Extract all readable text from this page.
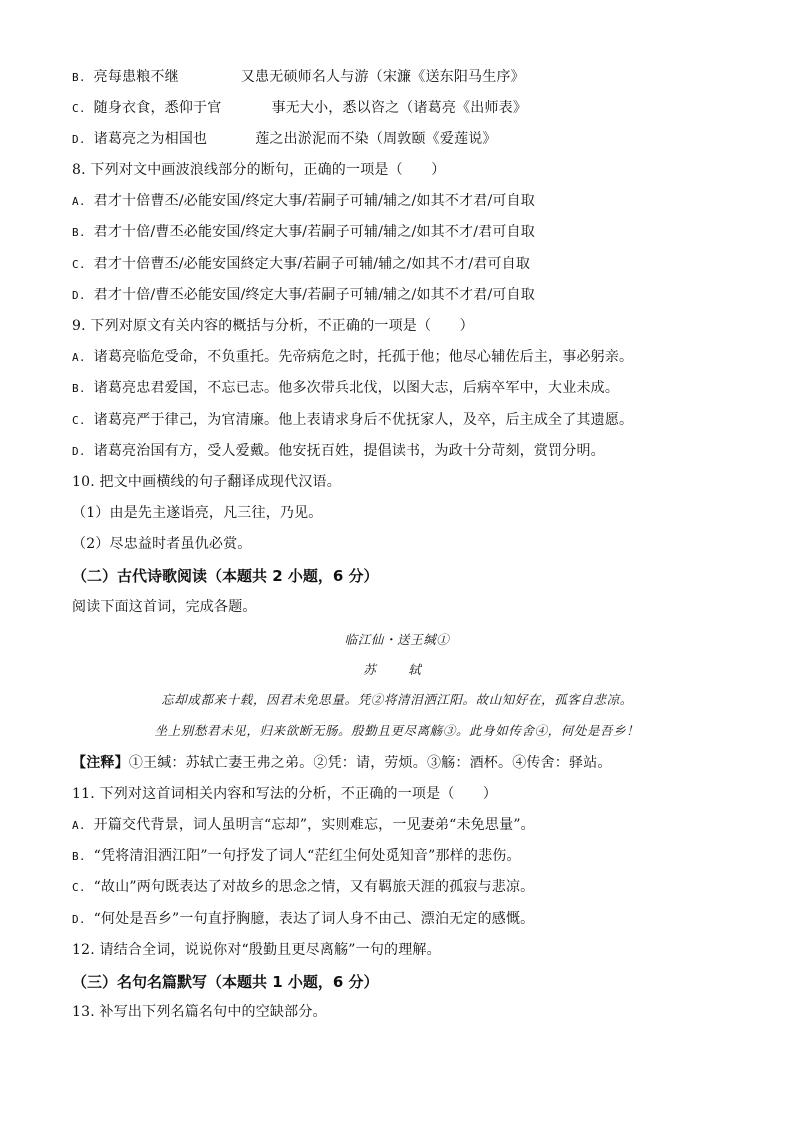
B. 亮每患粮不继	又患无硕师名人与游（宋濂《送东阳马生序》
C. 随身衣食，悉仰于官	事无大小，悉以咨之（诸葛亮《出师表》
D. 诸葛亮之为相国也	莲之出淤泥而不染（周敦颐《爱莲说》
8. 下列对文中画波浪线部分的断句，正确的一项是（　　）
A. 君才十倍曹丕/必能安国/终定大事/若嗣子可辅/辅之/如其不才君/可自取
B. 君才十倍/曹丕必能安国/终定大事/若嗣子可辅/辅之/如其不才/君可自取
C. 君才十倍曹丕/必能安国終定大事/若嗣子可辅/辅之/如其不才/君可自取
D. 君才十倍/曹丕必能安国/终定大事/若嗣子可辅/辅之/如其不才君/可自取
9. 下列对原文有关内容的概括与分析，不正确的一项是（　　）
A. 诸葛亮临危受命，不负重托。先帝病危之时，托孤于他；他尽心辅佐后主，事必躬亲。
B. 诸葛亮忠君爱国，不忘已志。他多次带兵北伐，以图大志，后病卒军中，大业未成。
C. 诸葛亮严于律己，为官清廉。他上表请求身后不优抚家人，及卒，后主成全了其遗愿。
D. 诸葛亮治国有方，受人爱戴。他安抚百姓，提倡读书，为政十分苛刻，赏罚分明。
10. 把文中画横线的句子翻译成现代汉语。
（1）由是先主遂诣亮，凡三往，乃见。
（2）尽忠益时者虽仇必赏。
（二）古代诗歌阅读（本题共 2 小题，6 分）
阅读下面这首词，完成各题。
临江仙・送王缄①
苏　轼
忘却成都来十载，因君未免思量。凭②将清泪洒江阳。故山知好在，孤客自悲凉。
坐上别愁君未见，归来欲断无肠。殷勤且更尽离觞③。此身如传舍④，何处是吾乡！
【注释】①王缄：苏轼亡妻王弗之弟。②凭：请，劳烦。③觞：酒杯。④传舍：驿站。
11. 下列对这首词相关内容和写法的分析，不正确的一项是（　　）
A. 开篇交代背景，词人虽明言“忘却”，实则难忘，一见妻弟“未免思量”。
B. “凭将清泪洒江阳”一句抒发了词人“茫红尘何处觅知音”那样的悲伤。
C. “故山”两句既表达了对故乡的思念之情，又有羁旅天涯的孤寂与悲凉。
D. “何处是吾乡”一句直抒胸臆，表达了词人身不由己、漂泊无定的感慨。
12. 请结合全词，说说你对“殷勤且更尽离觞”一句的理解。
（三）名句名篇默写（本题共 1 小题，6 分）
13. 补写出下列名篇名句中的空缺部分。
